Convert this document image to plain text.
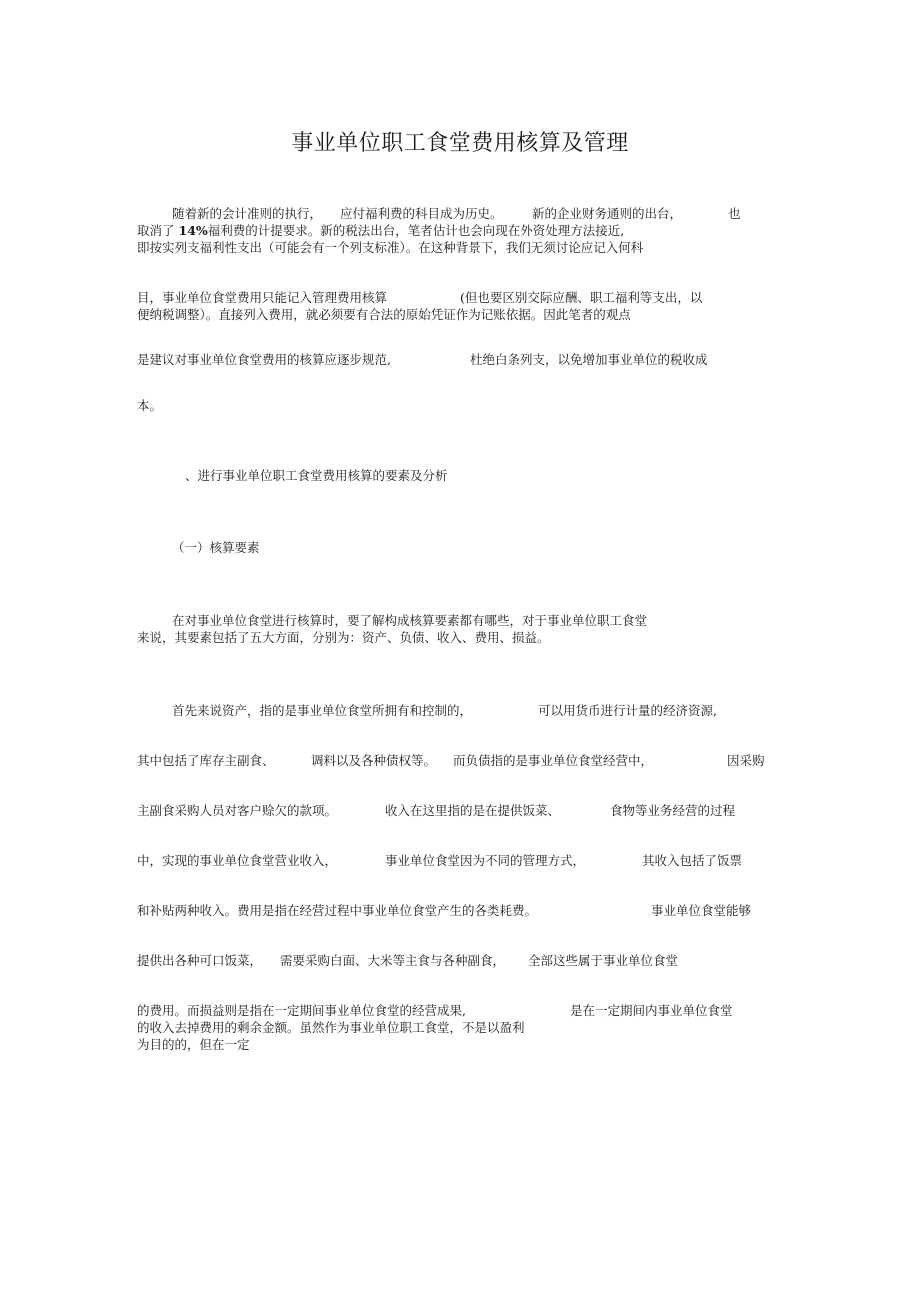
事业单位职工食堂费用核算及管理
随着新的会计准则的执行， 应付福利费的科目成为历史。 新的企业财务通则的出台，	也
取消了 14%福利费的计提要求。新的税法出台，笔者估计也会向现在外资处理方法接近,
即按实列支福利性支出（可能会有一个列支标准）。在这种背景下，我们无须讨论应记入何科
目，事业单位食堂费用只能记入管理费用核算	(但也要区别交际应酬、职工福利等支出，以
便纳税调整）。直接列入费用，就必须要有合法的原始凭证作为记账依据。因此笔者的观点
是建议对事业单位食堂费用的核算应逐步规范,	杜绝白条列支，以免增加事业单位的税收成
本。
、进行事业单位职工食堂费用核算的要素及分析
（一）核算要素
在对事业单位食堂进行核算时，要了解构成核算要素都有哪些，对于事业单位职工食堂
来说，其要素包括了五大方面，分别为：资产、负债、收入、费用、损益。
首先来说资产，指的是事业单位食堂所拥有和控制的，	可以用货币进行计量的经济资源,
其中包括了库存主副食、	调料以及各种债权等。 而负债指的是事业单位食堂经营中，	因采购
主副食采购人员对客户赊欠的款项。	收入在这里指的是在提供饭菜、	食物等业务经营的过程
中，实现的事业单位食堂营业收入，	事业单位食堂因为不同的管理方式，	其收入包括了饭票
和补贴两种收入。费用是指在经营过程中事业单位食堂产生的各类耗费。	事业单位食堂能够
提供出各种可口饭菜， 需要采购白面、大米等主食与各种副食， 全部这些属于事业单位食堂
的费用。而损益则是指在一定期间事业单位食堂的经营成果,	是在一定期间内事业单位食堂
的收入去掉费用的剩余金额。虽然作为事业单位职工食堂，不是以盈利
为目的的，但在一定
